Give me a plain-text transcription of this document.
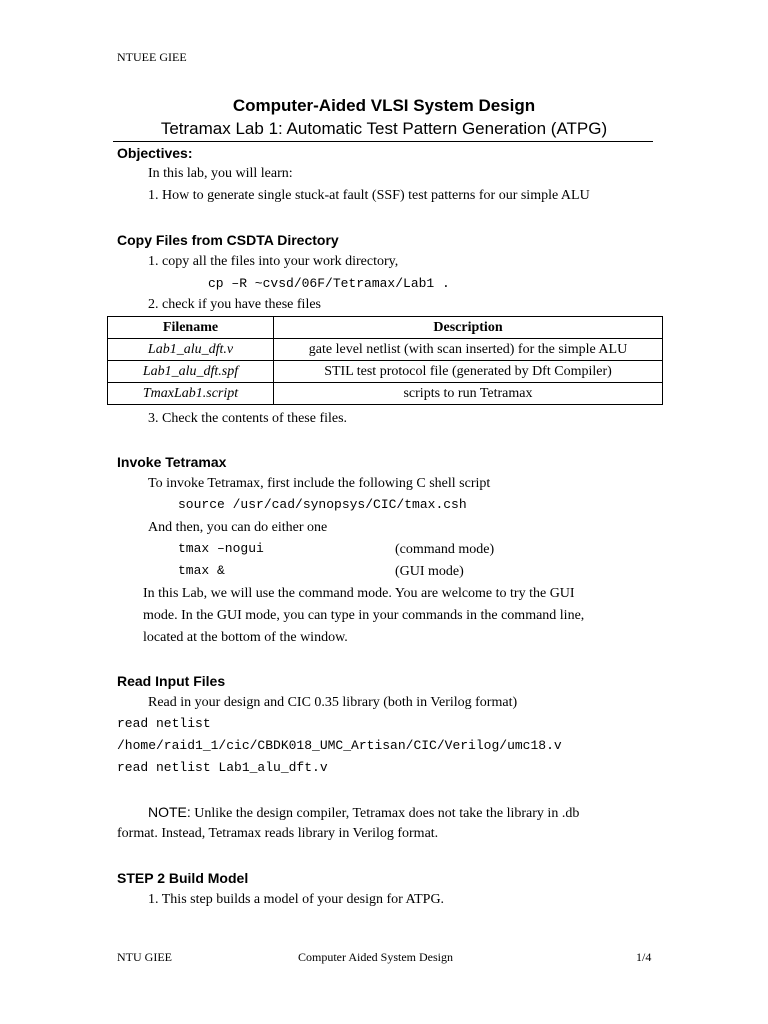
NTUEE GIEE
Computer-Aided VLSI System Design
Tetramax Lab 1: Automatic Test Pattern Generation (ATPG)
Objectives:
In this lab, you will learn:
1. How to generate single stuck-at fault (SSF) test patterns for our simple ALU
Copy Files from CSDTA Directory
1. copy all the files into your work directory,
cp –R ~cvsd/06F/Tetramax/Lab1 .
2. check if you have these files
Filename	Description
Lab1_alu_dft.v	gate level netlist (with scan inserted) for the simple ALU
Lab1_alu_dft.spf	STIL test protocol file (generated by Dft Compiler)
TmaxLab1.script	scripts to run Tetramax
3. Check the contents of these files.
Invoke Tetramax
To invoke Tetramax, first include the following C shell script
source /usr/cad/synopsys/CIC/tmax.csh
And then, you can do either one
tmax –nogui	(command mode)
tmax &	(GUI mode)
In this Lab, we will use the command mode. You are welcome to try the GUI
mode. In the GUI mode, you can type in your commands in the command line,
located at the bottom of the window.
Read Input Files
Read in your design and CIC 0.35 library (both in Verilog format)
read netlist
/home/raid1_1/cic/CBDK018_UMC_Artisan/CIC/Verilog/umc18.v
read netlist Lab1_alu_dft.v
NOTE: Unlike the design compiler, Tetramax does not take the library in .db
format. Instead, Tetramax reads library in Verilog format.
STEP 2 Build Model
1. This step builds a model of your design for ATPG.
NTU GIEE	Computer Aided System Design	1/4
